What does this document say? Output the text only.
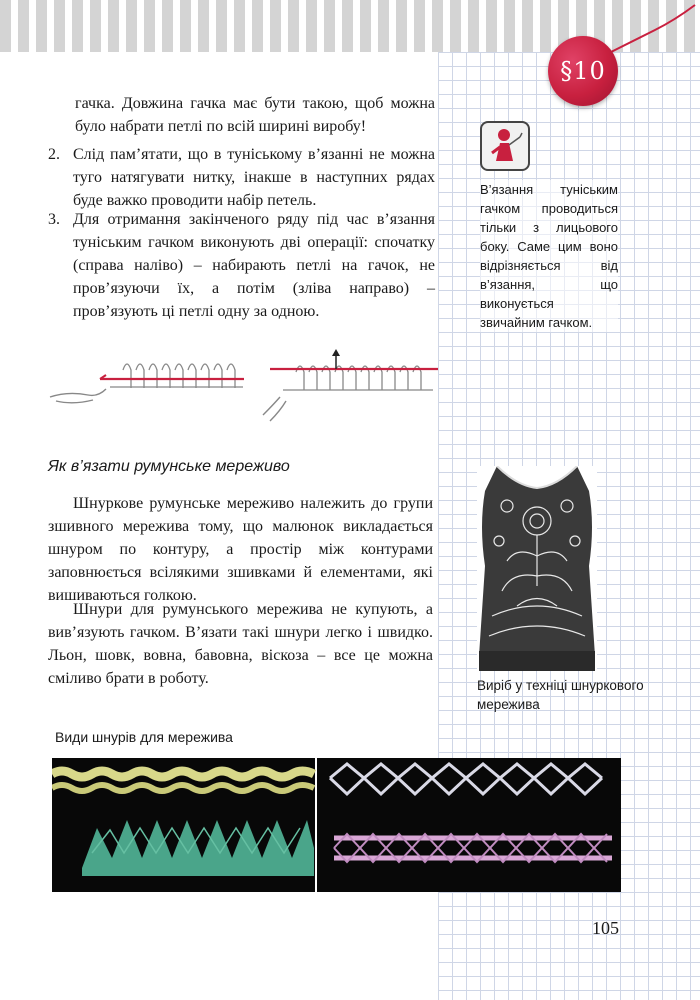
§10

гачка. Довжина гачка має бути такою, щоб можна було набрати петлі по всій ширині виробу!

2. Слід пам’ятати, що в туніському в’язанні не можна туго натягувати нитку, інакше в наступних рядах буде важко проводити набір петель.
3. Для отримання закінченого ряду під час в’язання туніським гачком виконують дві операції: спочатку (справа наліво) – набирають петлі на гачок, не пров’язуючи їх, а потім (зліва направо) – пров’язують ці петлі одну за одною.

В’язання туніським гачком проводиться тільки з лицьового боку. Саме цим воно відрізняється від в’язання, що виконується звичайним гачком.

Як в’язати румунське мереживо

Шнуркове румунське мереживо належить до групи зшивного мережива тому, що малюнок викладається шнуром по контуру, а простір між контурами заповнюється всілякими зшивками й елементами, які вишиваються голкою.

Шнури для румунського мережива не купують, а вив’язують гачком. В’язати такі шнури легко і швидко. Льон, шовк, вовна, бавовна, віскоза – все це можна сміливо брати в роботу.	Виріб у техніці шнуркового мережива
Види шнурів для мережива
105
